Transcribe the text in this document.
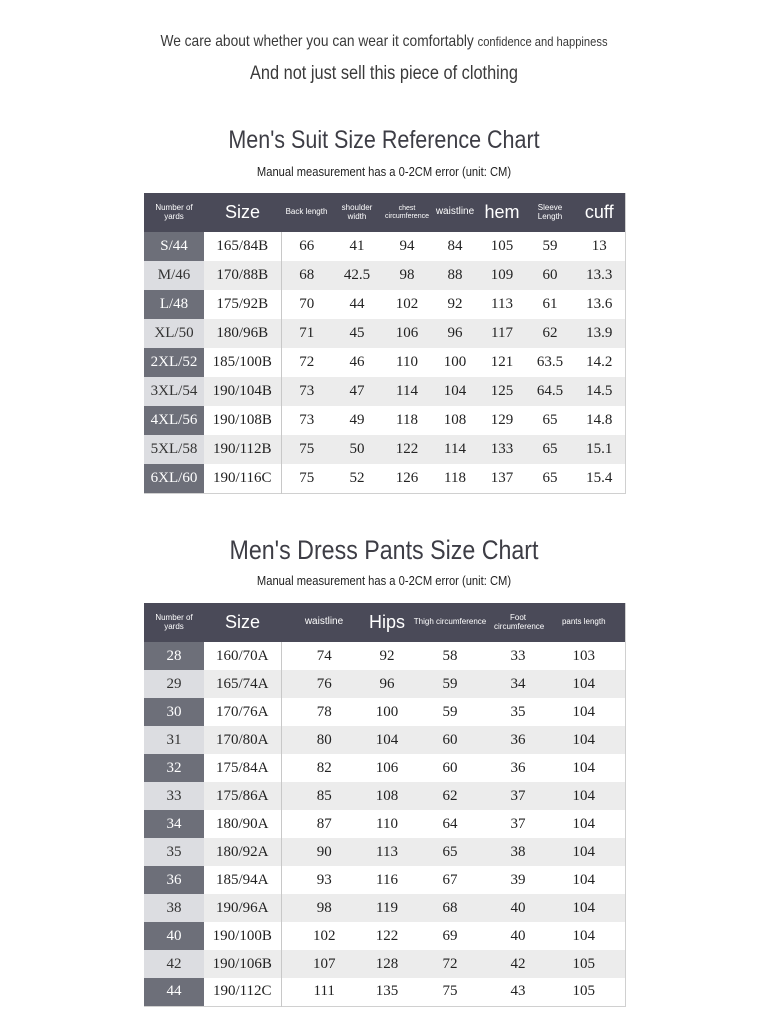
We care about whether you can wear it comfortably confidence and happiness
And not just sell this piece of clothing
Men's Suit Size Reference Chart
Manual measurement has a 0-2CM error (unit: CM)
Number of yards	Size	Back length	shoulder width	chest circumference	waistline	hem	Sleeve Length	cuff
S/44	165/84B	66	41	94	84	105	59	13
M/46	170/88B	68	42.5	98	88	109	60	13.3
L/48	175/92B	70	44	102	92	113	61	13.6
XL/50	180/96B	71	45	106	96	117	62	13.9
2XL/52	185/100B	72	46	110	100	121	63.5	14.2
3XL/54	190/104B	73	47	114	104	125	64.5	14.5
4XL/56	190/108B	73	49	118	108	129	65	14.8
5XL/58	190/112B	75	50	122	114	133	65	15.1
6XL/60	190/116C	75	52	126	118	137	65	15.4
Men's Dress Pants Size Chart
Manual measurement has a 0-2CM error (unit: CM)
Number of yards	Size	waistline	Hips	Thigh circumference	Foot circumference	pants length
28	160/70A	74	92	58	33	103
29	165/74A	76	96	59	34	104
30	170/76A	78	100	59	35	104
31	170/80A	80	104	60	36	104
32	175/84A	82	106	60	36	104
33	175/86A	85	108	62	37	104
34	180/90A	87	110	64	37	104
35	180/92A	90	113	65	38	104
36	185/94A	93	116	67	39	104
38	190/96A	98	119	68	40	104
40	190/100B	102	122	69	40	104
42	190/106B	107	128	72	42	105
44	190/112C	111	135	75	43	105
